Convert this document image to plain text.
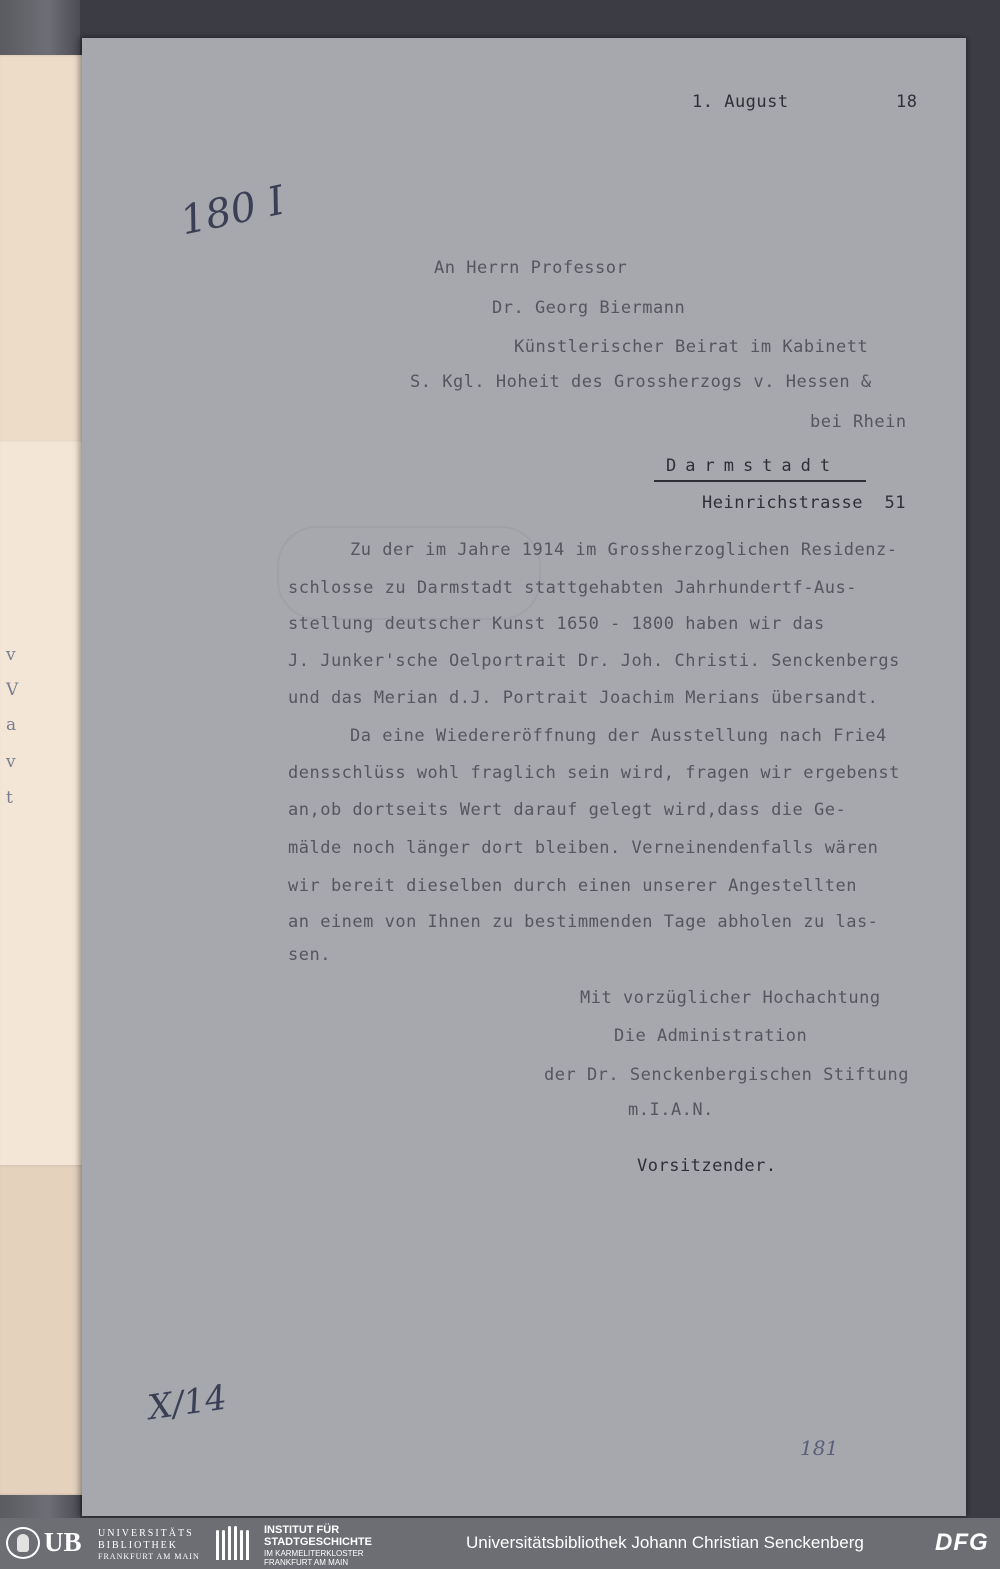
v
V
a
v
t
1. August          18
180 I
An Herrn Professor
Dr. Georg Biermann
Künstlerischer Beirat im Kabinett
S. Kgl. Hoheit des Grossherzogs v. Hessen &
bei Rhein
Darmstadt
Heinrichstrasse  51
Zu der im Jahre 1914 im Grossherzoglichen Residenz-
schlosse zu Darmstadt stattgehabten Jahrhundertf-Aus-
stellung deutscher Kunst 1650 - 1800 haben wir das
J. Junker'sche Oelportrait Dr. Joh. Christi. Senckenbergs
und das Merian d.J. Portrait Joachim Merians übersandt.
Da eine Wiedereröffnung der Ausstellung nach Frie4
densschlüss wohl fraglich sein wird, fragen wir ergebenst
an,ob dortseits Wert darauf gelegt wird,dass die Ge-
mälde noch länger dort bleiben. Verneinendenfalls wären
wir bereit dieselben durch einen unserer Angestellten
an einem von Ihnen zu bestimmenden Tage abholen zu las-
sen.
Mit vorzüglicher Hochachtung
Die Administration
der Dr. Senckenbergischen Stiftung
m.I.A.N.
Vorsitzender.
X/14
181
UB UNIVERSITÄTS
BIBLIOTHEK
FRANKFURT AM MAIN
INSTITUT FÜR
STADTGESCHICHTE
IM KARMELITERKLOSTER
FRANKFURT AM MAIN
Universitätsbibliothek Johann Christian Senckenberg	DFG
